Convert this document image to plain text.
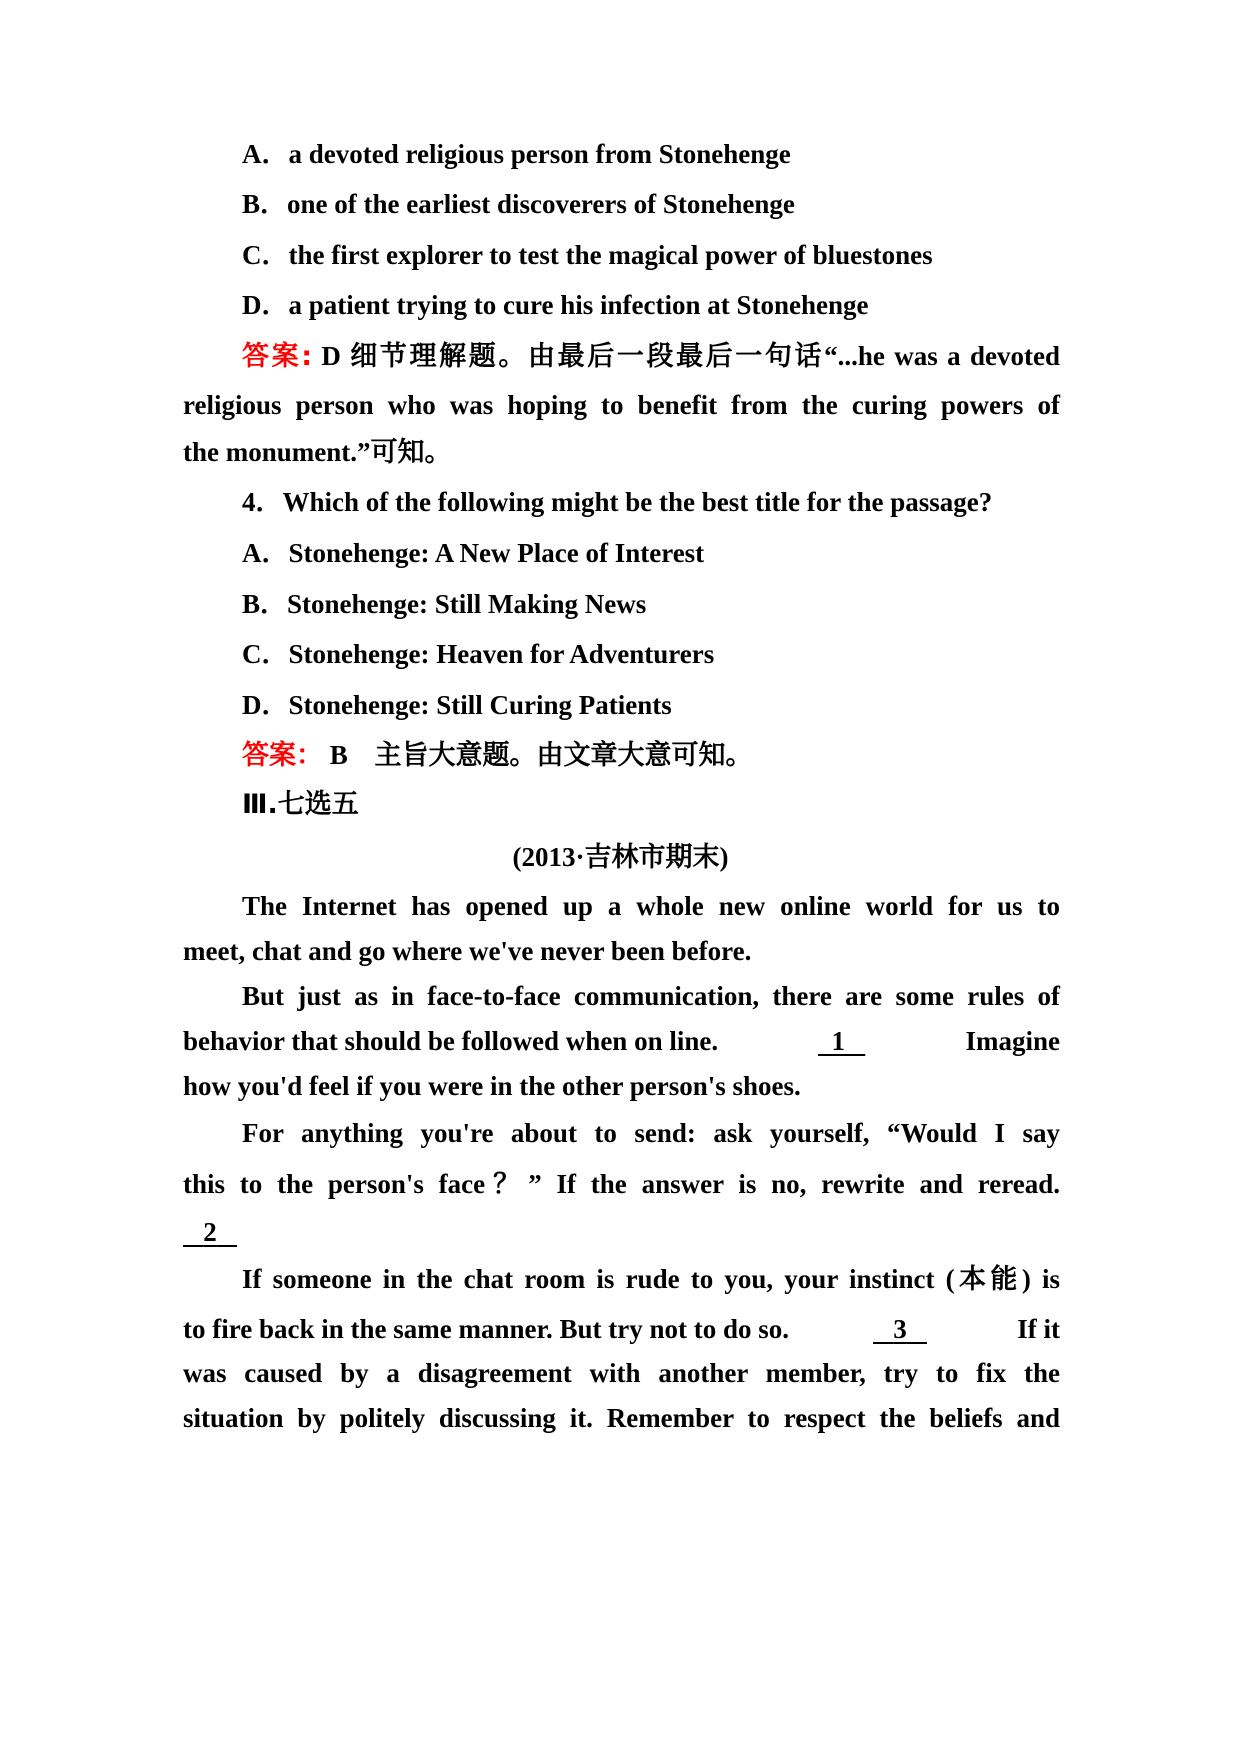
A．a devoted religious person from Stonehenge
B．one of the earliest discoverers of Stonehenge
C．the first explorer to test the magical power of bluestones
D．a patient trying to cure his infection at Stonehenge
答案: D 细节理解题。由最后一段最后一句话“...he was a devoted
religious person who was hoping to benefit from the curing powers of
the monument.”可知。
4．Which of the following might be the best title for the passage?
A．Stonehenge: A New Place of Interest
B．Stonehenge: Still Making News
C．Stonehenge: Heaven for Adventurers
D．Stonehenge: Still Curing Patients
答案： B 主旨大意题。由文章大意可知。
Ⅲ.七选五
(2013·吉林市期末)
The Internet has opened up a whole new online world for us to
meet, chat and go where we've never been before.
But just as in face-to-face communication, there are some rules of
behavior that should be followed when on line.	1	Imagine
how you'd feel if you were in the other person's shoes.
For anything you're about to send: ask yourself, “Would I say
this to the person's face？” If the answer is no, rewrite and reread.
2
If someone in the chat room is rude to you, your instinct (本能) is
to fire back in the same manner. But try not to do so.	3	If it
was caused by a disagreement with another member, try to fix the
situation by politely discussing it. Remember to respect the beliefs and
